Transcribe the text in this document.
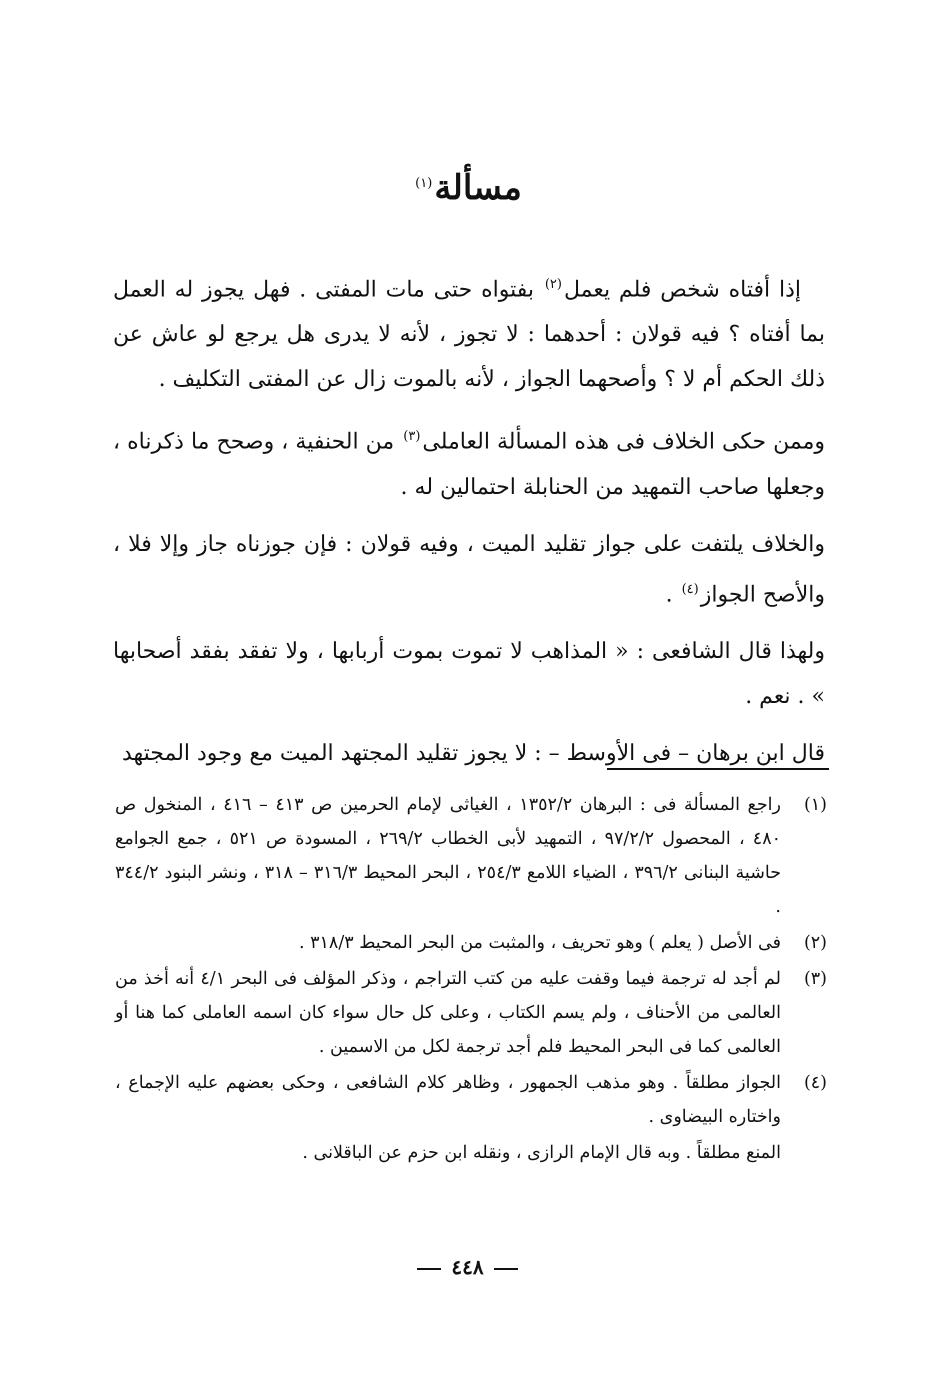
مسألة$^{(١)}$

إذا أفتاه شخص فلم يعمل$^{(٢)}$ بفتواه حتى مات المفتى . فهل يجوز له العمل بما أفتاه ؟ فيه قولان : أحدهما : لا تجوز ، لأنه لا يدرى هل يرجع لو عاش عن ذلك الحكم أم لا ؟ وأصحهما الجواز ، لأنه بالموت زال عن المفتى التكليف .

وممن حكى الخلاف فى هذه المسألة العاملى$^{(٣)}$ من الحنفية ، وصحح ما ذكرناه ، وجعلها صاحب التمهيد من الحنابلة احتمالين له .

والخلاف يلتفت على جواز تقليد الميت ، وفيه قولان : فإن جوزناه جاز وإلا فلا ، والأصح الجواز$^{(٤)}$ .

ولهذا قال الشافعى : « المذاهب لا تموت بموت أربابها ، ولا تفقد بفقد أصحابها » . نعم .

قال ابن برهان – فى الأوسط – : لا يجوز تقليد المجتهد الميت مع وجود المجتهد

(١)
راجع المسألة فى : البرهان ١٣٥٢/٢ ، الغياثى لإمام الحرمين ص ٤١٣ – ٤١٦ ، المنخول ص ٤٨٠ ، المحصول ٩٧/٢/٢ ، التمهيد لأبى الخطاب ٢٦٩/٢ ، المسودة ص ٥٢١ ، جمع الجوامع حاشية البنانى ٣٩٦/٢ ، الضياء اللامع ٢٥٤/٣ ، البحر المحيط ٣١٦/٣ – ٣١٨ ، ونشر البنود ٣٤٤/٢ .
(٢)
فى الأصل ( يعلم ) وهو تحريف ، والمثبت من البحر المحيط ٣١٨/٣ .
(٣)
لم أجد له ترجمة فيما وقفت عليه من كتب التراجم ، وذكر المؤلف فى البحر ٤/١ أنه أخذ من العالمى من الأحناف ، ولم يسم الكتاب ، وعلى كل حال سواء كان اسمه العاملى كما هنا أو العالمى كما فى البحر المحيط فلم أجد ترجمة لكل من الاسمين .
(٤)
الجواز مطلقاً . وهو مذهب الجمهور ، وظاهر كلام الشافعى ، وحكى بعضهم عليه الإجماع ، واختاره البيضاوى .
المنع مطلقاً . وبه قال الإمام الرازى ، ونقله ابن حزم عن الباقلانى .
٤٤٨
